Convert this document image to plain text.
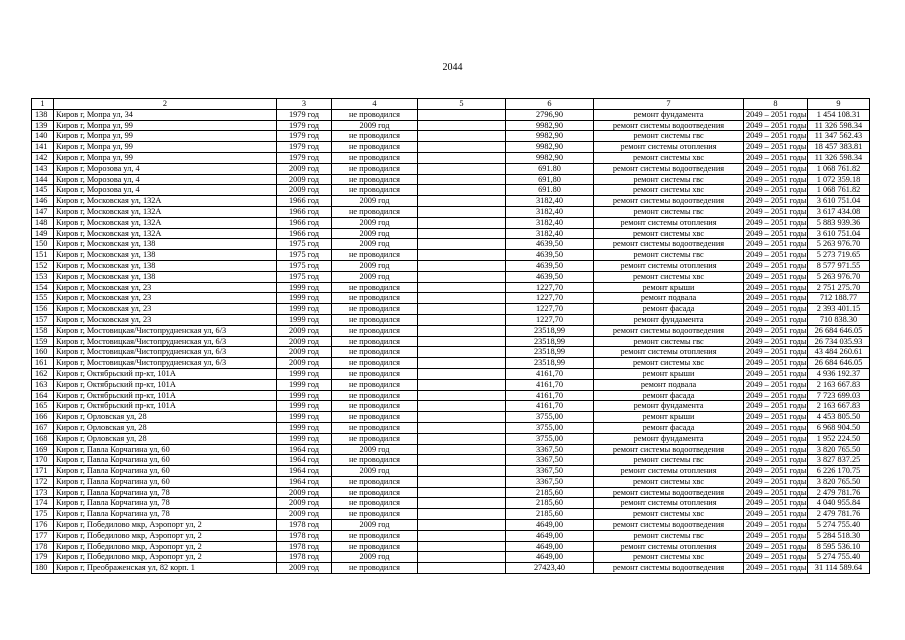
2044
1	2	3	4	5	6	7	8	9
138	Киров г, Мопра ул, 34	1979 год	не проводился		2796,90	ремонт фундамента	2049 – 2051 годы	1 454 108.31
139	Киров г, Мопра ул, 99	1979 год	2009 год		9982,90	ремонт системы водоотведения	2049 – 2051 годы	11 326 598.34
140	Киров г, Мопра ул, 99	1979 год	не проводился		9982,90	ремонт системы гвс	2049 – 2051 годы	11 347 562.43
141	Киров г, Мопра ул, 99	1979 год	не проводился		9982,90	ремонт системы отопления	2049 – 2051 годы	18 457 383.81
142	Киров г, Мопра ул, 99	1979 год	не проводился		9982,90	ремонт системы хвс	2049 – 2051 годы	11 326 598.34
143	Киров г, Морозова ул, 4	2009 год	не проводился		691.80	ремонт системы водоотведения	2049 – 2051 годы	1 068 761.82
144	Киров г, Морозова ул, 4	2009 год	не проводился		691,80	ремонт системы гвс	2049 – 2051 годы	1 072 359.18
145	Киров г, Морозова ул, 4	2009 год	не проводился		691.80	ремонт системы хвс	2049 – 2051 годы	1 068 761.82
146	Киров г, Московская ул, 132А	1966 год	2009 год		3182,40	ремонт системы водоотведения	2049 – 2051 годы	3 610 751.04
147	Киров г, Московская ул, 132А	1966 год	не проводился		3182,40	ремонт системы гвс	2049 – 2051 годы	3 617 434.08
148	Киров г, Московская ул, 132А	1966 год	2009 год		3182,40	ремонт системы отопления	2049 – 2051 годы	5 883 939.36
149	Киров г, Московская ул, 132А	1966 год	2009 год		3182,40	ремонт системы хвс	2049 – 2051 годы	3 610 751.04
150	Киров г, Московская ул, 138	1975 год	2009 год		4639,50	ремонт системы водоотведения	2049 – 2051 годы	5 263 976.70
151	Киров г, Московская ул, 138	1975 год	не проводился		4639,50	ремонт системы гвс	2049 – 2051 годы	5 273 719.65
152	Киров г, Московская ул, 138	1975 год	2009 год		4639,50	ремонт системы отопления	2049 – 2051 годы	8 577 971.55
153	Киров г, Московская ул, 138	1975 год	2009 год		4639,50	ремонт системы хвс	2049 – 2051 годы	5 263 976.70
154	Киров г, Московская ул, 23	1999 год	не проводился		1227,70	ремонт крыши	2049 – 2051 годы	2 751 275.70
155	Киров г, Московская ул, 23	1999 год	не проводился		1227,70	ремонт подвала	2049 – 2051 годы	712 188.77
156	Киров г, Московская ул, 23	1999 год	не проводился		1227,70	ремонт фасада	2049 – 2051 годы	2 393 401.15
157	Киров г, Московская ул, 23	1999 год	не проводился		1227,70	ремонт фундамента	2049 – 2051 годы	710 838.30
158	Киров г, Мостовицкая/Чистопрудненская ул, 6/3	2009 год	не проводился		23518,99	ремонт системы водоотведения	2049 – 2051 годы	26 684 646.05
159	Киров г, Мостовицкая/Чистопрудненская ул, 6/3	2009 год	не проводился		23518,99	ремонт системы гвс	2049 – 2051 годы	26 734 035.93
160	Киров г, Мостовицкая/Чистопрудненская ул, 6/3	2009 год	не проводился		23518,99	ремонт системы отопления	2049 – 2051 годы	43 484 260.61
161	Киров г, Мостовицкая/Чистопрудненская ул, 6/3	2009 год	не проводился		23518,99	ремонт системы хвс	2049 – 2051 годы	26 684 646.05
162	Киров г, Октябрьский пр-кт, 101А	1999 год	не проводился		4161,70	ремонт крыши	2049 – 2051 годы	4 936 192.37
163	Киров г, Октябрьский пр-кт, 101А	1999 год	не проводился		4161,70	ремонт подвала	2049 – 2051 годы	2 163 667.83
164	Киров г, Октябрьский пр-кт, 101А	1999 год	не проводился		4161,70	ремонт фасада	2049 – 2051 годы	7 723 699.03
165	Киров г, Октябрьский пр-кт, 101А	1999 год	не проводился		4161,70	ремонт фундамента	2049 – 2051 годы	2 163 667.83
166	Киров г, Орловская ул, 28	1999 год	не проводился		3755,00	ремонт крыши	2049 – 2051 годы	4 453 805.50
167	Киров г, Орловская ул, 28	1999 год	не проводился		3755,00	ремонт фасада	2049 – 2051 годы	6 968 904.50
168	Киров г, Орловская ул, 28	1999 год	не проводился		3755,00	ремонт фундамента	2049 – 2051 годы	1 952 224.50
169	Киров г, Павла Корчагина ул, 60	1964 год	2009 год		3367,50	ремонт системы водоотведения	2049 – 2051 годы	3 820 765.50
170	Киров г, Павла Корчагина ул, 60	1964 год	не проводился		3367,50	ремонт системы гвс	2049 – 2051 годы	3 827 837.25
171	Киров г, Павла Корчагина ул, 60	1964 год	2009 год		3367,50	ремонт системы отопления	2049 – 2051 годы	6 226 170.75
172	Киров г, Павла Корчагина ул, 60	1964 год	не проводился		3367,50	ремонт системы хвс	2049 – 2051 годы	3 820 765.50
173	Киров г, Павла Корчагина ул, 78	2009 год	не проводился		2185,60	ремонт системы водоотведения	2049 – 2051 годы	2 479 781.76
174	Киров г, Павла Корчагина ул, 78	2009 год	не проводился		2185,60	ремонт системы отопления	2049 – 2051 годы	4 040 955.84
175	Киров г, Павла Корчагина ул, 78	2009 год	не проводился		2185,60	ремонт системы хвс	2049 – 2051 годы	2 479 781.76
176	Киров г, Победилово мкр, Аэропорт ул, 2	1978 год	2009 год		4649,00	ремонт системы водоотведения	2049 – 2051 годы	5 274 755.40
177	Киров г, Победилово мкр, Аэропорт ул, 2	1978 год	не проводился		4649,00	ремонт системы гвс	2049 – 2051 годы	5 284 518.30
178	Киров г, Победилово мкр, Аэропорт ул, 2	1978 год	не проводился		4649,00	ремонт системы отопления	2049 – 2051 годы	8 595 536.10
179	Киров г, Победилово мкр, Аэропорт ул, 2	1978 год	2009 год		4649,00	ремонт системы хвс	2049 – 2051 годы	5 274 755.40
180	Киров г, Преображенская ул, 82 корп. 1	2009 год	не проводился		27423,40	ремонт системы водоотведения	2049 – 2051 годы	31 114 589.64
